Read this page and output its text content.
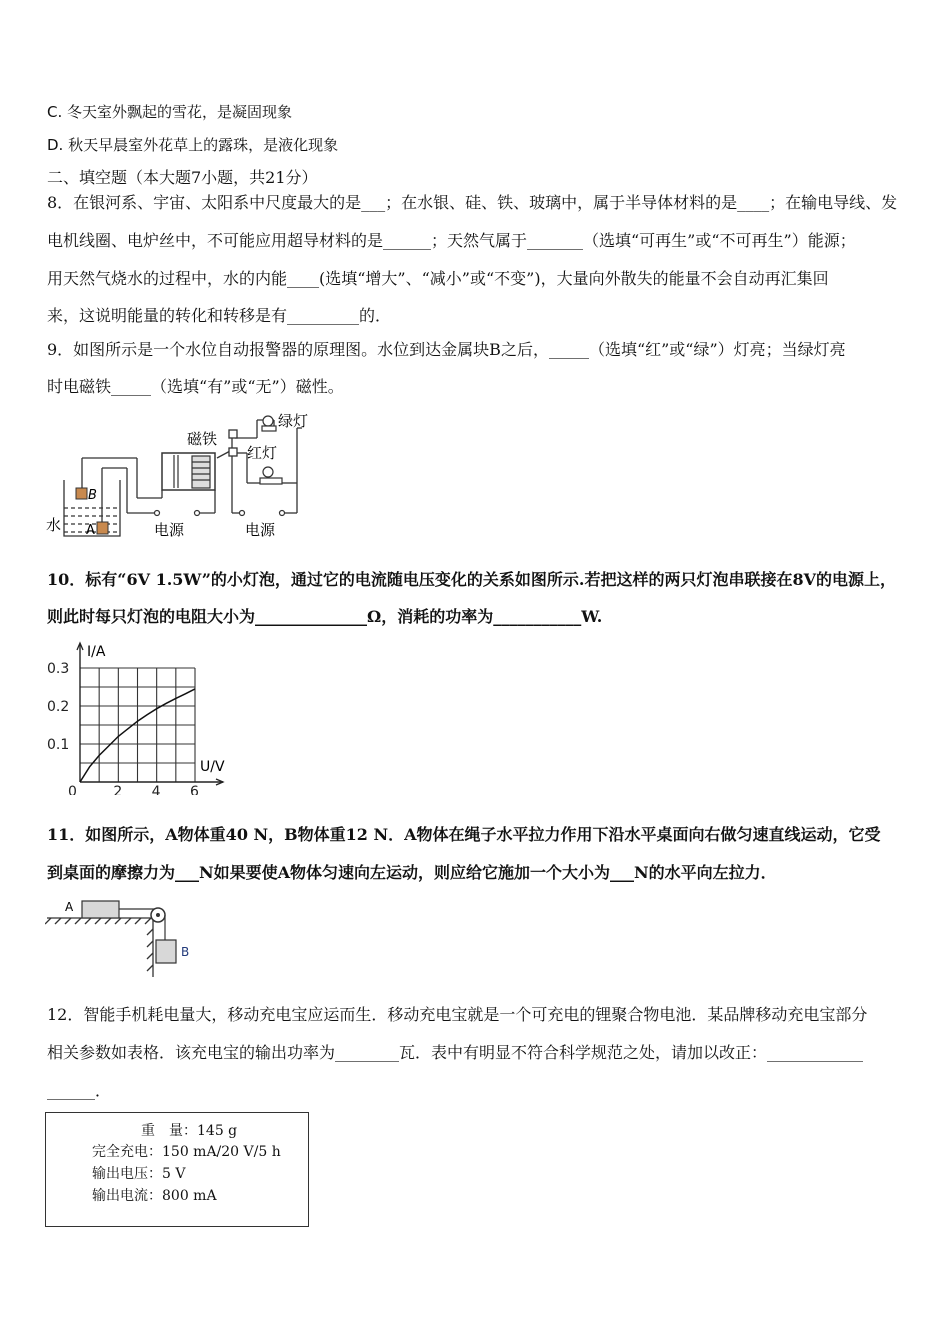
C. 冬天室外飘起的雪花，是凝固现象
D. 秋天早晨室外花草上的露珠，是液化现象
二、填空题（本大题7小题，共21分）
8．在银河系、宇宙、太阳系中尺度最大的是___；在水银、硅、铁、玻璃中，属于半导体材料的是____；在输电导线、发
电机线圈、电炉丝中，不可能应用超导材料的是______；天然气属于_______（选填“可再生”或“不可再生”）能源；
用天然气烧水的过程中，水的内能____(选填“增大”、“减小”或“不变”)，大量向外散失的能量不会自动再汇集回
来，这说明能量的转化和转移是有_________的．
9．如图所示是一个水位自动报警器的原理图。水位到达金属块B之后，_____（选填“红”或“绿”）灯亮；当绿灯亮
时电磁铁_____（选填“有”或“无”）磁性。
B
A
水
磁铁
绿灯
红灯
电源	电源
10．标有“6V 1.5W”的小灯泡，通过它的电流随电压变化的关系如图所示.若把这样的两只灯泡串联接在8V的电源上，
则此时每只灯泡的电阻大小为______________Ω，消耗的功率为___________W.
0	2 4 6
0.1
0.2
0.3
I/A
U/V
11．如图所示，A物体重40 N，B物体重12 N．A物体在绳子水平拉力作用下沿水平桌面向右做匀速直线运动，它受
到桌面的摩擦力为___N如果要使A物体匀速向左运动，则应给它施加一个大小为___N的水平向左拉力．
A
B
12．智能手机耗电量大，移动充电宝应运而生．移动充电宝就是一个可充电的锂聚合物电池．某品牌移动充电宝部分
相关参数如表格．该充电宝的输出功率为________瓦．表中有明显不符合科学规范之处，请加以改正：____________
______．
重　量：145 g
完全充电：150 mA/20 V/5 h
输出电压：5 V
输出电流：800 mA
